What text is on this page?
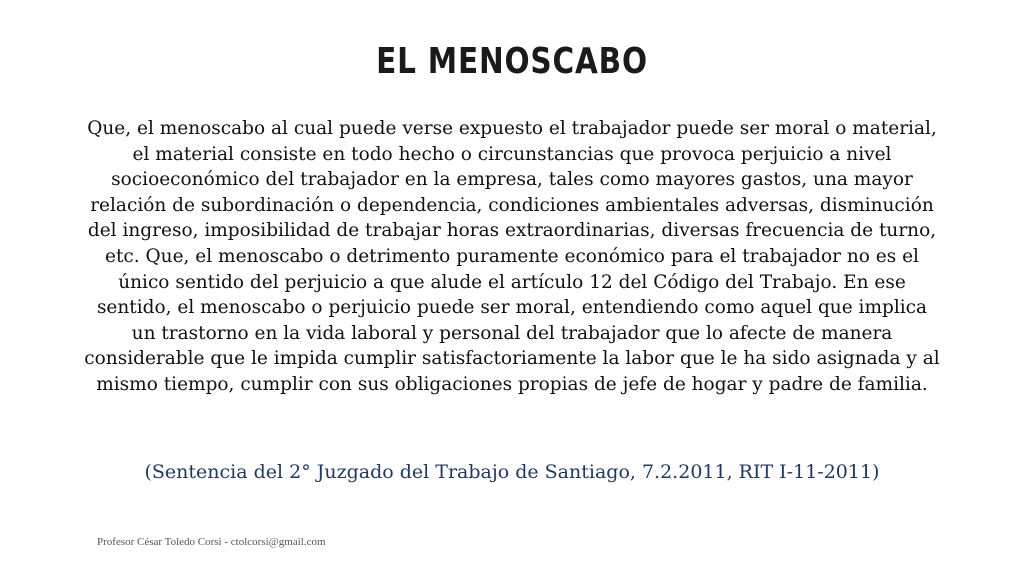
EL MENOSCABO

Que, el menoscabo al cual puede verse expuesto el trabajador puede ser moral o material, el material consiste en todo hecho o circunstancias que provoca perjuicio a nivel socioeconómico del trabajador en la empresa, tales como mayores gastos, una mayor relación de subordinación o dependencia, condiciones ambientales adversas, disminución del ingreso, imposibilidad de trabajar horas extraordinarias, diversas frecuencia de turno, etc. Que, el menoscabo o detrimento puramente económico para el trabajador no es el único sentido del perjuicio a que alude el artículo 12 del Código del Trabajo. En ese sentido, el menoscabo o perjuicio puede ser moral, entendiendo como aquel que implica un trastorno en la vida laboral y personal del trabajador que lo afecte de manera considerable que le impida cumplir satisfactoriamente la labor que le ha sido asignada y al mismo tiempo, cumplir con sus obligaciones propias de jefe de hogar y padre de familia.

(Sentencia del 2° Juzgado del Trabajo de Santiago, 7.2.2011, RIT I-11-2011)

Profesor César Toledo Corsi - ctolcorsi@gmail.com
